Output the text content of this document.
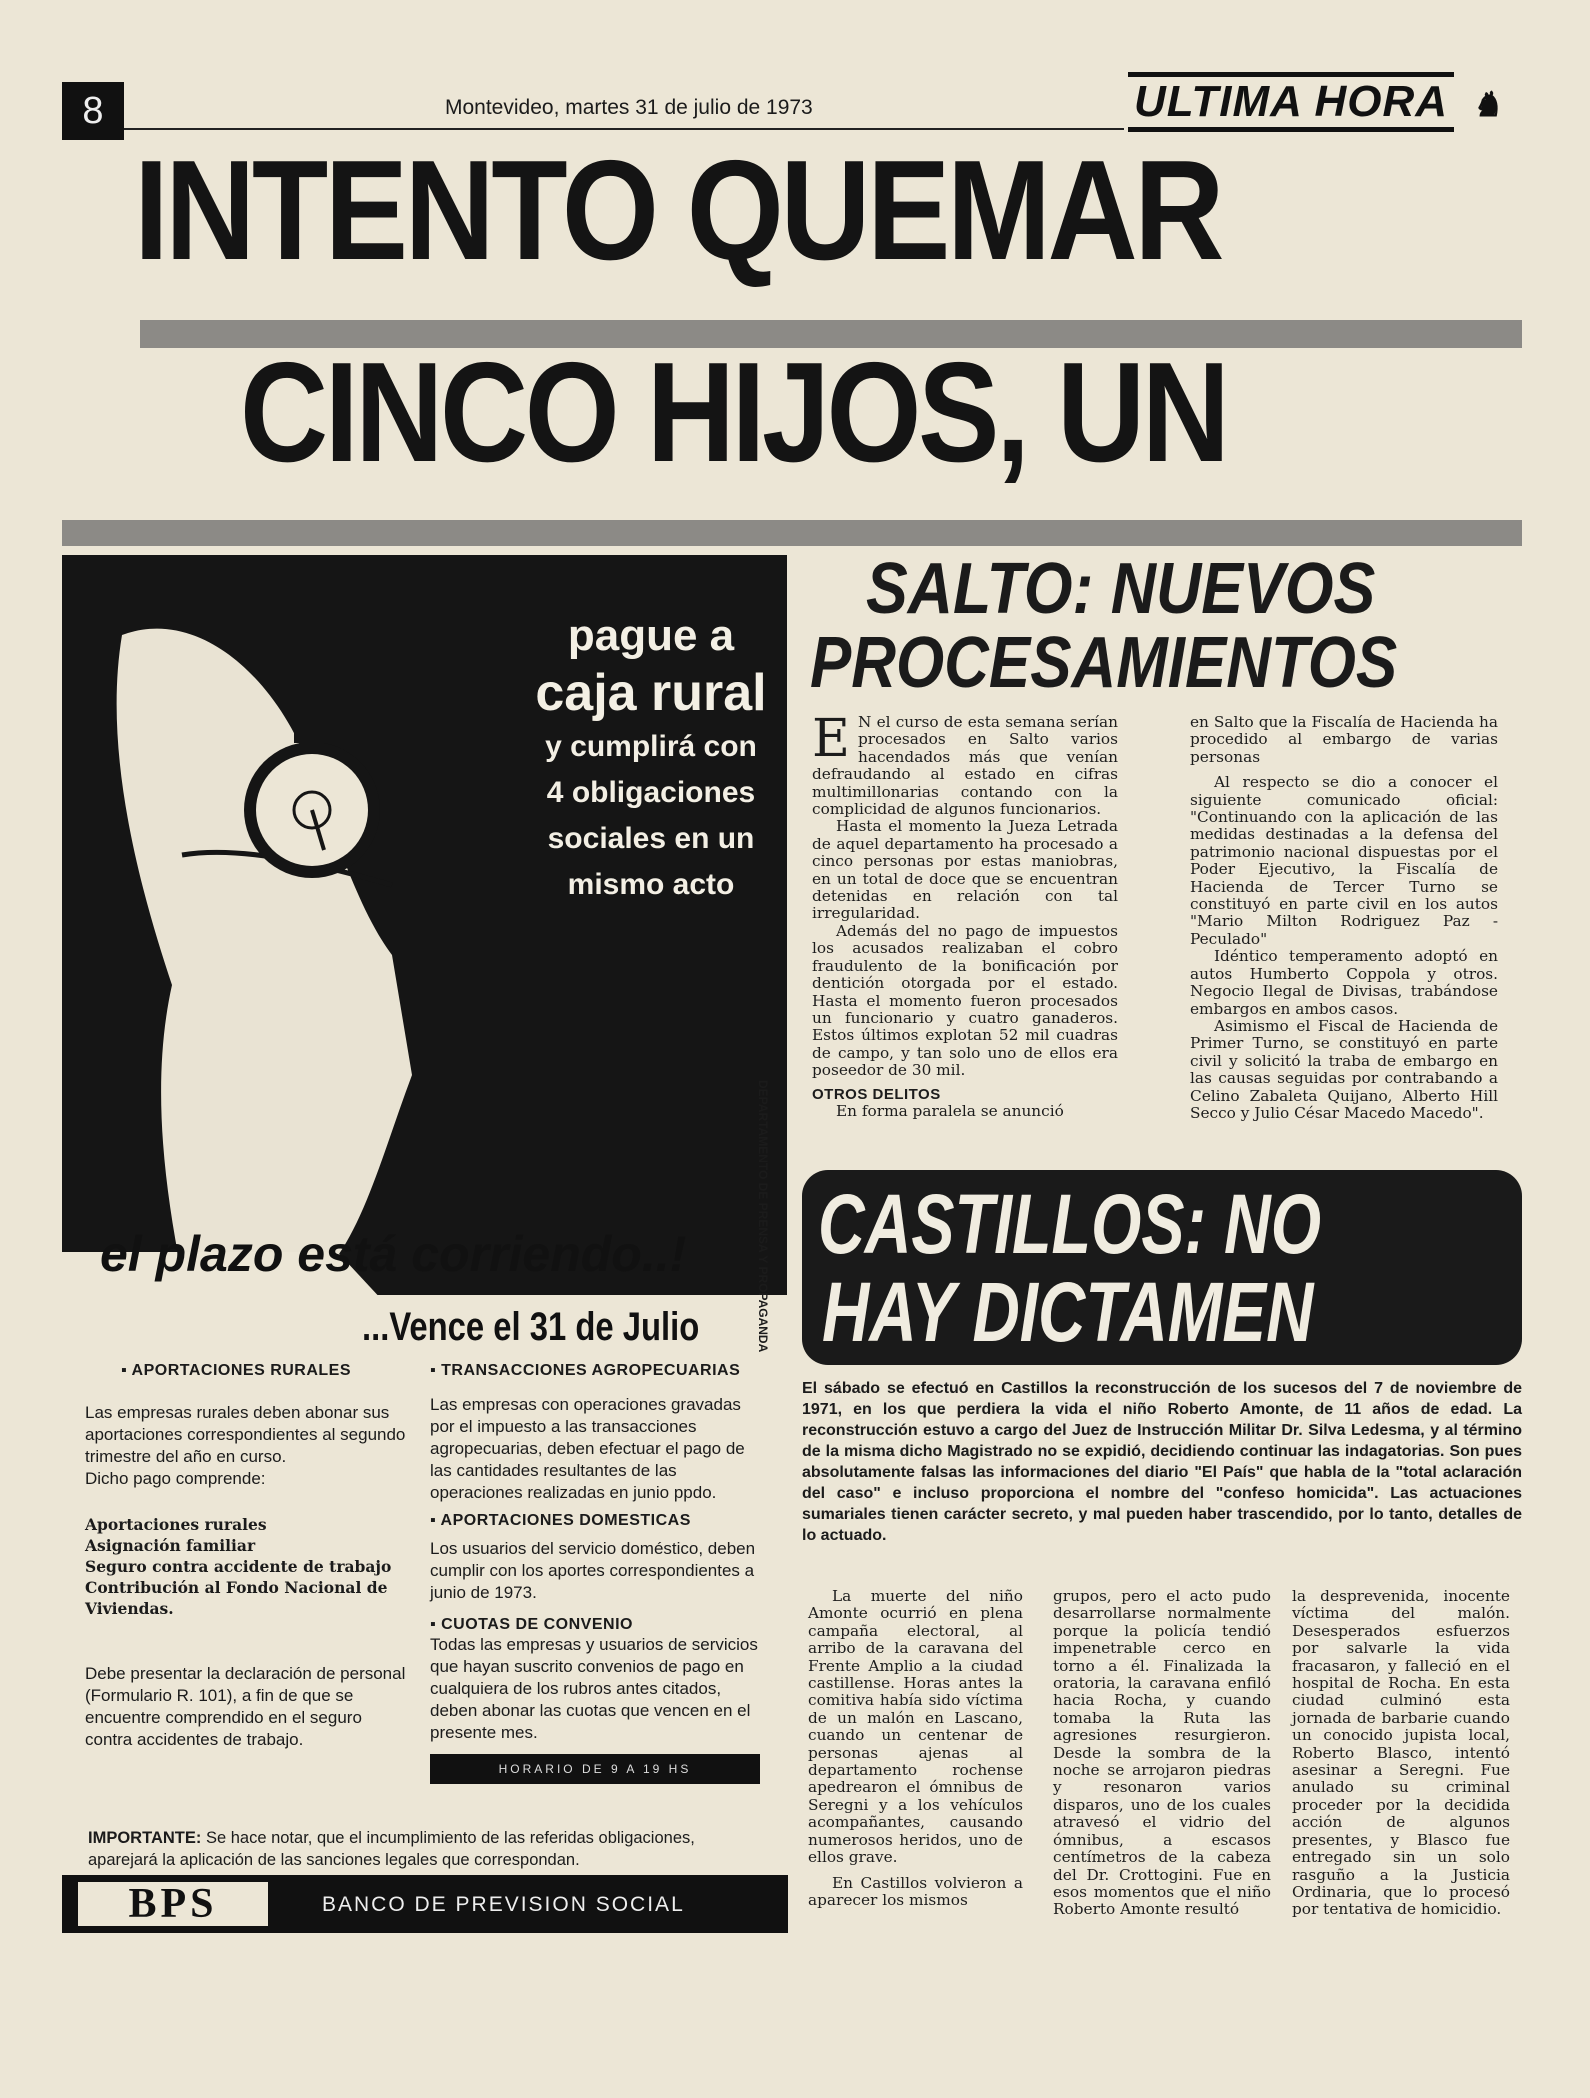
8	Montevideo, martes 31 de julio de 1973	ULTIMA HORA ♞
INTENTO QUEMAR
CINCO HIJOS, UN
pague a
caja rural
y cumplirá con
4 obligaciones
sociales en un
mismo acto
DEPARTAMENTO DE PRENSA Y PROPAGANDA
el plazo está corriendo..!
...Vence el 31 de Julio
▪ APORTACIONES RURALES
Las empresas rurales deben abonar sus aportaciones correspondientes al segundo trimestre del año en curso.
Dicho pago comprende:
Aportaciones rurales
Asignación familiar
Seguro contra accidente de trabajo
Contribución al Fondo Nacional de Viviendas.
Debe presentar la declaración de personal (Formulario R. 101), a fin de que se encuentre comprendido en el seguro contra accidentes de trabajo.
▪ TRANSACCIONES AGROPECUARIAS
Las empresas con operaciones gravadas por el impuesto a las transacciones agropecuarias, deben efectuar el pago de las cantidades resultantes de las operaciones realizadas en junio ppdo.
▪ APORTACIONES DOMESTICAS
Los usuarios del servicio doméstico, deben cumplir con los aportes correspondientes a junio de 1973.
▪ CUOTAS DE CONVENIO
Todas las empresas y usuarios de servicios que hayan suscrito convenios de pago en cualquiera de los rubros antes citados, deben abonar las cuotas que vencen en el presente mes.
HORARIO DE 9 A 19 HS
IMPORTANTE: Se hace notar, que el incumplimiento de las referidas obligaciones, aparejará la aplicación de las sanciones legales que correspondan.
BPS	BANCO DE PREVISION SOCIAL
SALTO: NUEVOS
PROCESAMIENTOS

E N el curso de esta semana serían procesados en Salto varios hacendados más que venían defraudando al estado en cifras multimillonarias contando con la complicidad de algunos funcionarios.

Hasta el momento la Jueza Letrada de aquel departamento ha procesado a cinco personas por estas maniobras, en un total de doce que se encuentran detenidas en relación con tal irregularidad.

Además del no pago de impuestos los acusados realizaban el cobro fraudulento de la bonificación por dentición otorgada por el estado. Hasta el momento fueron procesados un funcionario y cuatro ganaderos. Estos últimos explotan 52 mil cuadras de campo, y tan solo uno de ellos era poseedor de 30 mil.

OTROS DELITOS

En forma paralela se anunció

en Salto que la Fiscalía de Hacienda ha procedido al embargo de varias personas

Al respecto se dio a conocer el siguiente comunicado oficial: "Continuando con la aplicación de las medidas destinadas a la defensa del patrimonio nacional dispuestas por el Poder Ejecutivo, la Fiscalía de Hacienda de Tercer Turno se constituyó en parte civil en los autos "Mario Milton Rodriguez Paz - Peculado"

Idéntico temperamento adoptó en autos Humberto Coppola y otros. Negocio Ilegal de Divisas, trabándose embargos en ambos casos.

Asimismo el Fiscal de Hacienda de Primer Turno, se constituyó en parte civil y solicitó la traba de embargo en las causas seguidas por contrabando a Celino Zabaleta Quijano, Alberto Hill Secco y Julio César Macedo Macedo".

CASTILLOS: NO
HAY DICTAMEN
El sábado se efectuó en Castillos la reconstrucción de los sucesos del 7 de noviembre de 1971, en los que perdiera la vida el niño Roberto Amonte, de 11 años de edad. La reconstrucción estuvo a cargo del Juez de Instrucción Militar Dr. Silva Ledesma, y al término de la misma dicho Magistrado no se expidió, decidiendo continuar las indagatorias. Son pues absolutamente falsas las informaciones del diario "El País" que habla de la "total aclaración del caso" e incluso proporciona el nombre del "confeso homicida". Las actuaciones sumariales tienen carácter secreto, y mal pueden haber trascendido, por lo tanto, detalles de lo actuado.

La muerte del niño Amonte ocurrió en plena campaña electoral, al arribo de la caravana del Frente Amplio a la ciudad castillense. Horas antes la comitiva había sido víctima de un malón en Lascano, cuando un centenar de personas ajenas al departamento rochense apedrearon el ómnibus de Seregni y a los vehículos acompañantes, causando numerosos heridos, uno de ellos grave.

En Castillos volvieron a aparecer los mismos

grupos, pero el acto pudo desarrollarse normalmente porque la policía tendió impenetrable cerco en torno a él. Finalizada la oratoria, la caravana enfiló hacia Rocha, y cuando tomaba la Ruta las agresiones resurgieron. Desde la sombra de la noche se arrojaron piedras y resonaron varios disparos, uno de los cuales atravesó el vidrio del ómnibus, a escasos centímetros de la cabeza del Dr. Crottogini. Fue en esos momentos que el niño Roberto Amonte resultó

la desprevenida, inocente víctima del malón. Desesperados esfuerzos por salvarle la vida fracasaron, y falleció en el hospital de Rocha. En esta ciudad culminó esta jornada de barbarie cuando un conocido jupista local, Roberto Blasco, intentó asesinar a Seregni. Fue anulado su criminal proceder por la decidida acción de algunos presentes, y Blasco fue entregado sin un solo rasguño a la Justicia Ordinaria, que lo procesó por tentativa de homicidio.
